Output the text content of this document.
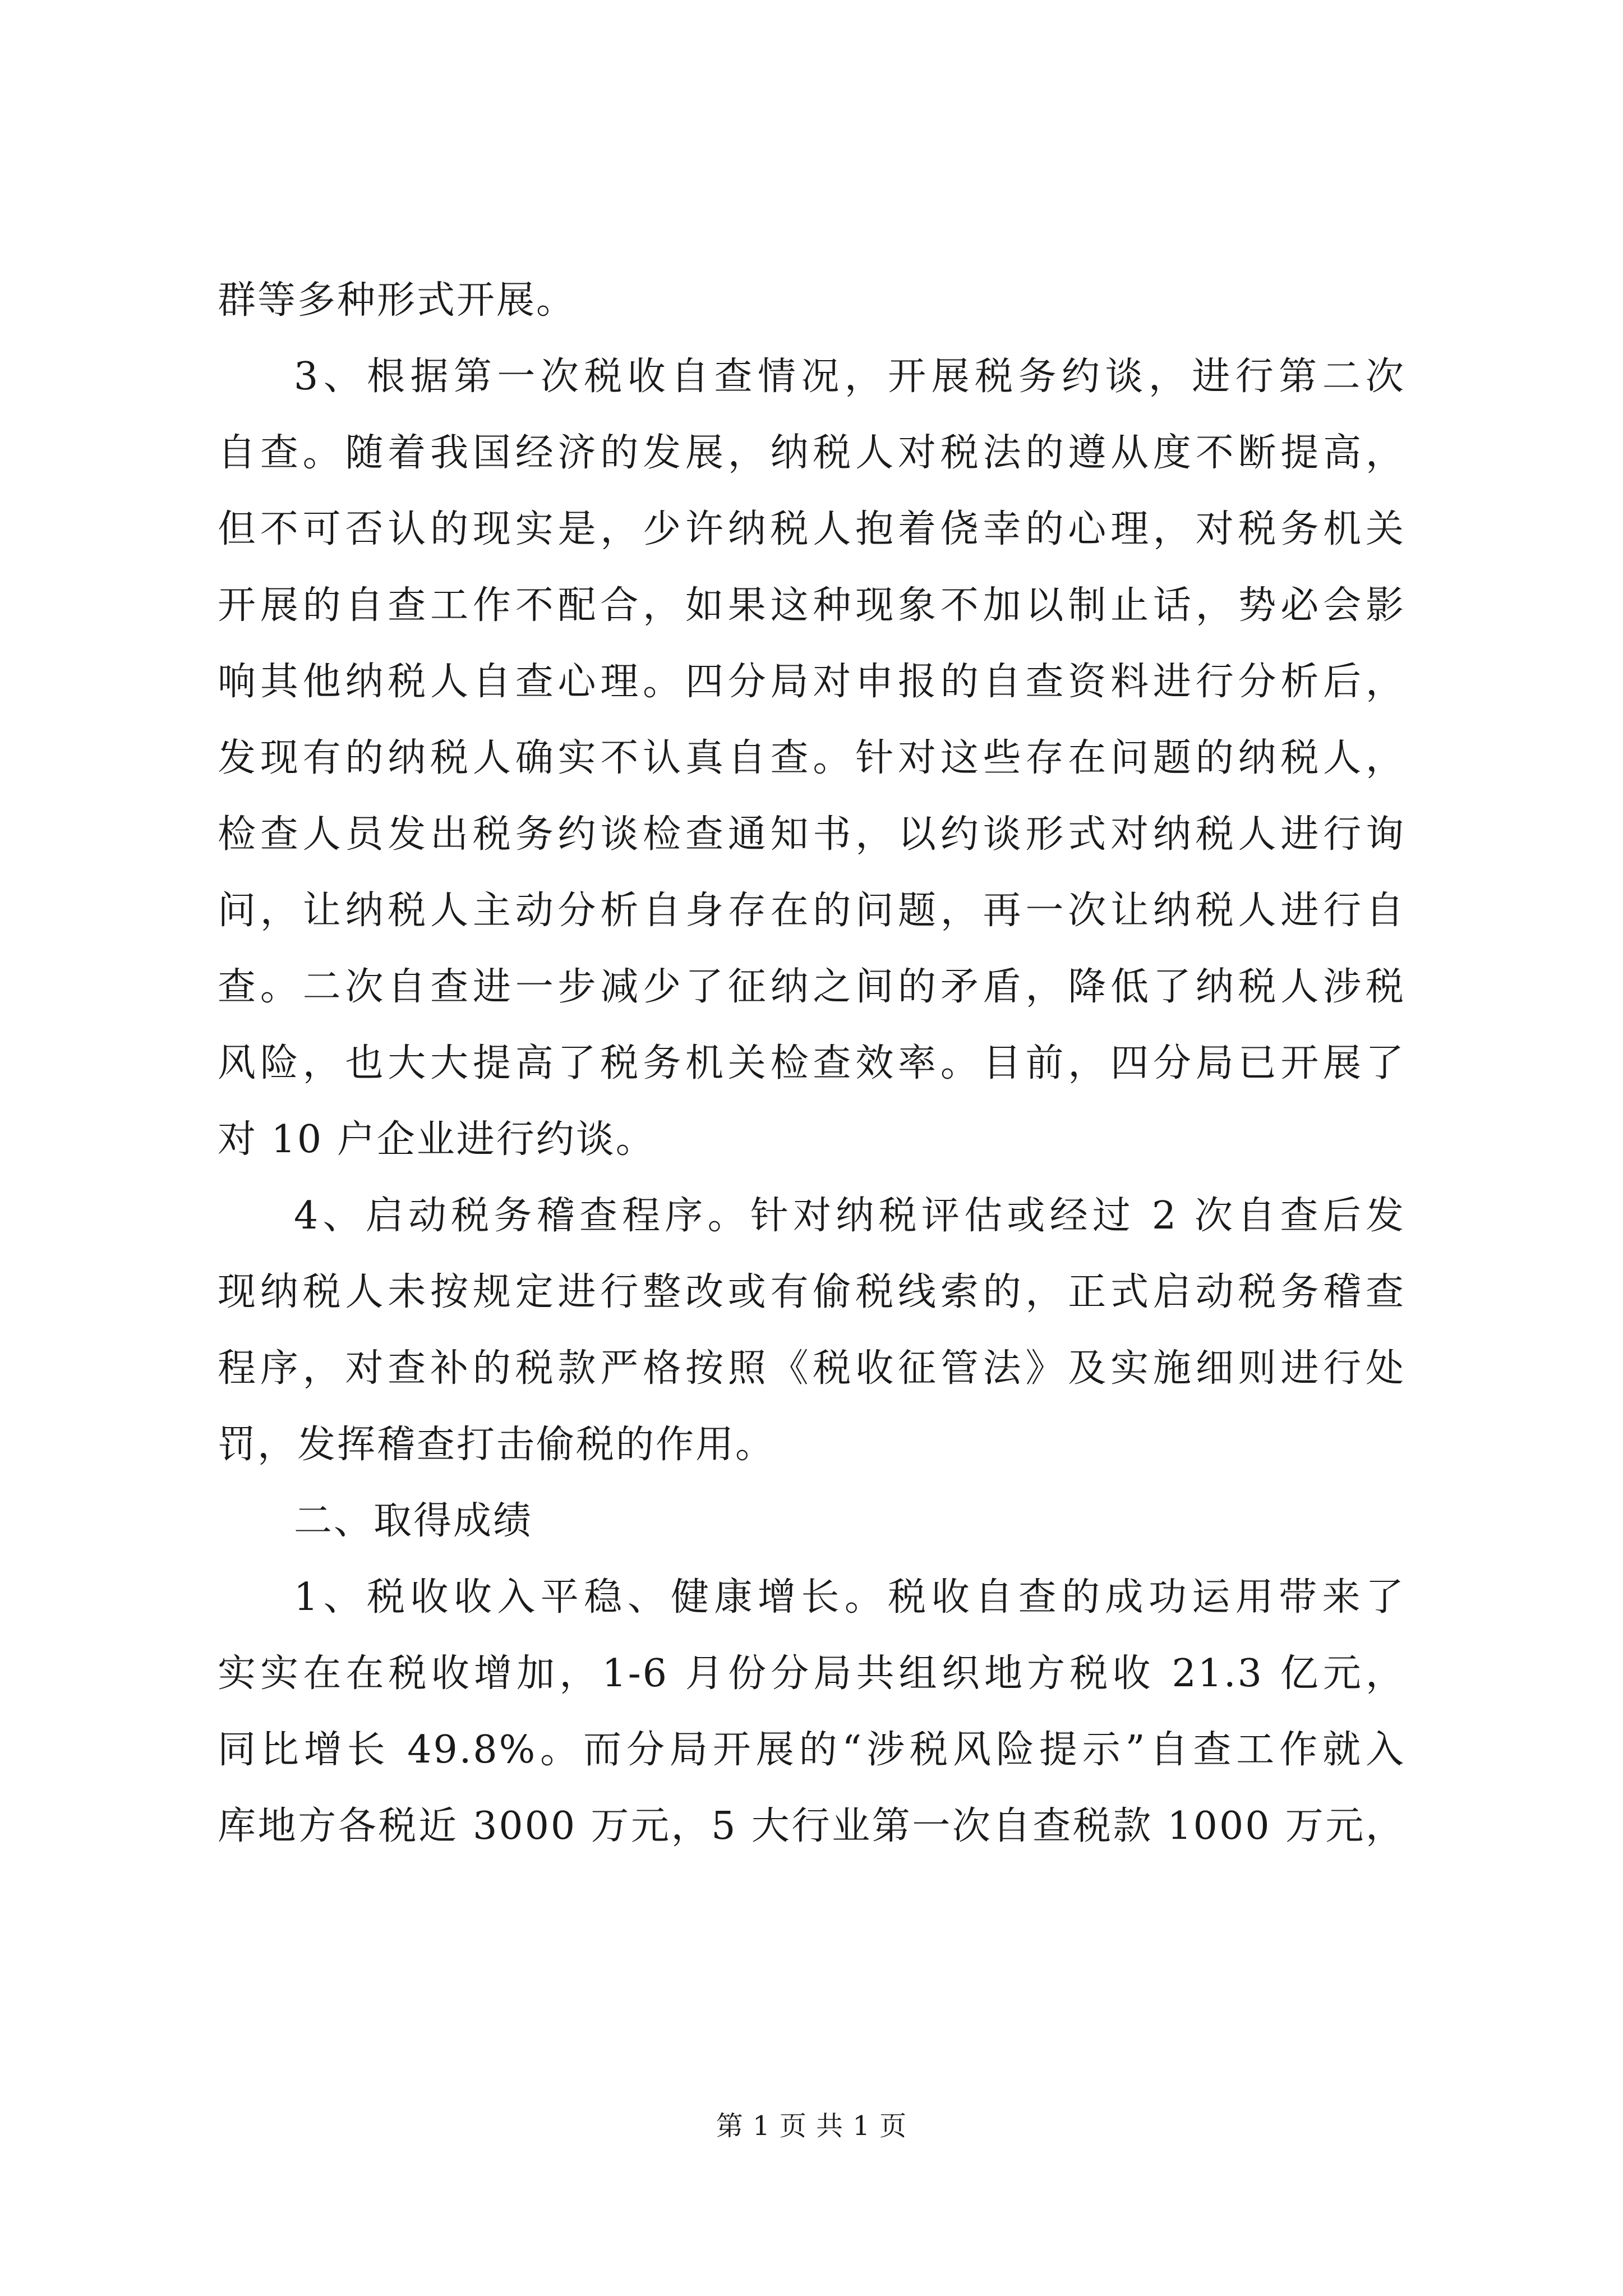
群等多种形式开展。
3、根据第一次税收自查情况，开展税务约谈，进行第二次
自查。随着我国经济的发展，纳税人对税法的遵从度不断提高，
但不可否认的现实是，少许纳税人抱着侥幸的心理，对税务机关
开展的自查工作不配合，如果这种现象不加以制止话，势必会影
响其他纳税人自查心理。四分局对申报的自查资料进行分析后，
发现有的纳税人确实不认真自查。针对这些存在问题的纳税人，
检查人员发出税务约谈检查通知书，以约谈形式对纳税人进行询
问，让纳税人主动分析自身存在的问题，再一次让纳税人进行自
查。二次自查进一步减少了征纳之间的矛盾，降低了纳税人涉税
风险，也大大提高了税务机关检查效率。目前，四分局已开展了
对 10 户企业进行约谈。
4、启动税务稽查程序。针对纳税评估或经过 2 次自查后发
现纳税人未按规定进行整改或有偷税线索的，正式启动税务稽查
程序，对查补的税款严格按照《税收征管法》及实施细则进行处
罚，发挥稽查打击偷税的作用。
二、取得成绩
1、税收收入平稳、健康增长。税收自查的成功运用带来了
实实在在税收增加，1-6 月份分局共组织地方税收 21.3 亿元，
同比增长 49.8%。而分局开展的“涉税风险提示”自查工作就入
库地方各税近 3000 万元，5 大行业第一次自查税款 1000 万元，
第 1 页 共 1 页
